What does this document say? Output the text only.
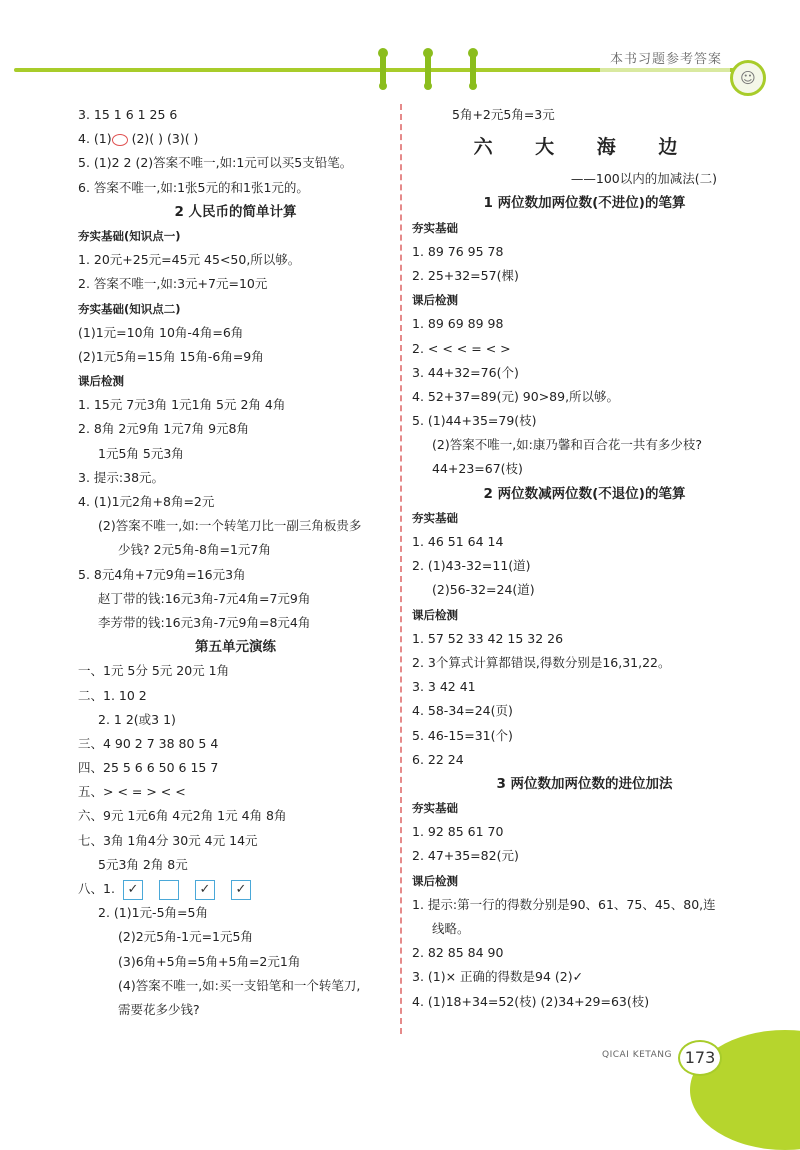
本书习题参考答案
☺
3. 15 1 6 1 25 6
4. (1)○ (2)( ) (3)( )
5. (1)2 2 (2)答案不唯一,如:1元可以买5支铅笔。
6. 答案不唯一,如:1张5元的和1张1元的。
2 人民币的简单计算
夯实基础(知识点一)
1. 20元+25元=45元 45<50,所以够。
2. 答案不唯一,如:3元+7元=10元
夯实基础(知识点二)
(1)1元=10角 10角-4角=6角
(2)1元5角=15角 15角-6角=9角
课后检测
1. 15元 7元3角 1元1角 5元 2角 4角
2. 8角 2元9角 1元7角 9元8角
1元5角 5元3角
3. 提示:38元。
4. (1)1元2角+8角=2元
(2)答案不唯一,如:一个转笔刀比一副三角板贵多
少钱? 2元5角-8角=1元7角
5. 8元4角+7元9角=16元3角
赵丁带的钱:16元3角-7元4角=7元9角
李芳带的钱:16元3角-7元9角=8元4角
第五单元演练
一、1元 5分 5元 20元 1角
二、1. 10 2
2. 1 2(或3 1)
三、4 90 2 7 38 80 5 4
四、25 5 6 6 50 6 15 7
五、> < = > < <
六、9元 1元6角 4元2角 1元 4角 8角
七、3角 1角4分 30元 4元 14元
5元3角 2角 8元
八、1. ✓	✓ ✓
2. (1)1元-5角=5角
(2)2元5角-1元=1元5角
(3)6角+5角=5角+5角=2元1角
(4)答案不唯一,如:买一支铅笔和一个转笔刀,
需要花多少钱?
5角+2元5角=3元
六 大 海 边
——100以内的加减法(二)
1 两位数加两位数(不进位)的笔算
夯实基础
1. 89 76 95 78
2. 25+32=57(棵)
课后检测
1. 89 69 89 98
2. < < < = < >
3. 44+32=76(个)
4. 52+37=89(元) 90>89,所以够。
5. (1)44+35=79(枝)
(2)答案不唯一,如:康乃馨和百合花一共有多少枝?
44+23=67(枝)
2 两位数减两位数(不退位)的笔算
夯实基础
1. 46 51 64 14
2. (1)43-32=11(道)
(2)56-32=24(道)
课后检测
1. 57 52 33 42 15 32 26
2. 3个算式计算都错误,得数分别是16,31,22。
3. 3 42 41
4. 58-34=24(页)
5. 46-15=31(个)
6. 22 24
3 两位数加两位数的进位加法
夯实基础
1. 92 85 61 70
2. 47+35=82(元)
课后检测
1. 提示:第一行的得数分别是90、61、75、45、80,连
线略。
2. 82 85 84 90
3. (1)× 正确的得数是94 (2)✓
4. (1)18+34=52(枝) (2)34+29=63(枝)
QICAI KETANG 173
